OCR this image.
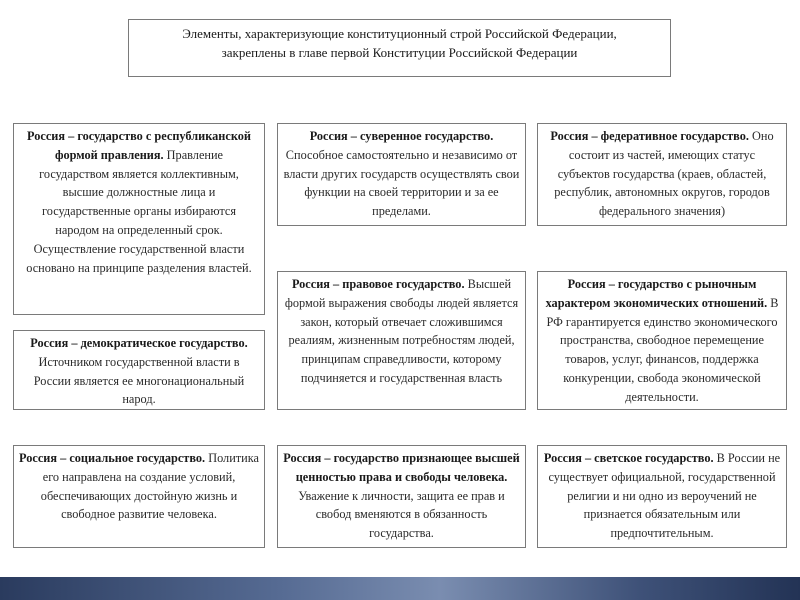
Элементы, характеризующие конституционный строй Российской Федерации,
закреплены в главе первой Конституции Российской Федерации
Россия – государство с республиканской формой правления. Правление государством является коллективным, высшие должностные лица и государственные органы избираются народом на определенный срок. Осуществление государственной власти основано на принципе разделения властей.
Россия – суверенное государство. Способное самостоятельно и независимо от власти других государств осуществлять свои функции на своей территории и за ее пределами.
Россия – федеративное государство. Оно состоит из частей, имеющих статус субъектов государства (краев, областей, республик, автономных округов, городов федерального значения)
Россия – правовое государство. Высшей формой выражения свободы людей является закон, который отвечает сложившимся реалиям, жизненным потребностям людей, принципам справедливости, которому подчиняется и государственная власть
Россия – государство с рыночным характером экономических отношений. В РФ гарантируется единство экономического пространства, свободное перемещение товаров, услуг, финансов, поддержка конкуренции, свобода экономической деятельности.
Россия – демократическое государство. Источником государственной власти в России является ее многонациональный народ.
Россия – социальное государство. Политика его направлена на создание условий, обеспечивающих достойную жизнь и свободное развитие человека.
Россия – государство признающее высшей ценностью права и свободы человека. Уважение к личности, защита ее прав и свобод вменяются в обязанность государства.
Россия – светское государство. В России не существует официальной, государственной религии и ни одно из вероучений не признается обязательным или предпочтительным.
